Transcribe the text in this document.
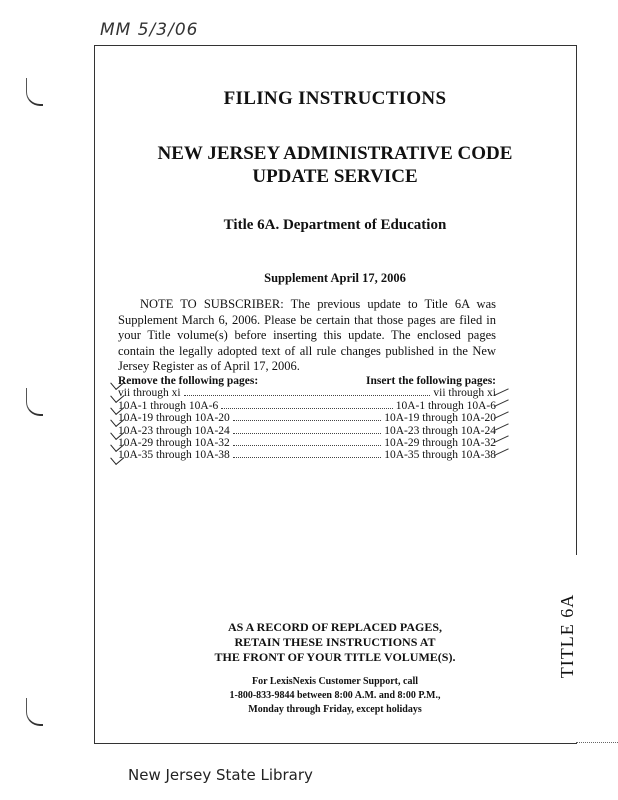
MM 5/3/06
FILING INSTRUCTIONS
NEW JERSEY ADMINISTRATIVE CODE
UPDATE SERVICE
Title 6A. Department of Education
Supplement April 17, 2006
NOTE TO SUBSCRIBER: The previous update to Title 6A was Supplement March 6, 2006. Please be certain that those pages are filed in your Title volume(s) before inserting this update. The enclosed pages contain the legally adopted text of all rule changes published in the New Jersey Register as of April 17, 2006.
Remove the following pages:	Insert the following pages:
vii through xi	vii through xi
10A-1 through 10A-6	10A-1 through 10A-6
10A-19 through 10A-20	10A-19 through 10A-20
10A-23 through 10A-24	10A-23 through 10A-24
10A-29 through 10A-32	10A-29 through 10A-32
10A-35 through 10A-38	10A-35 through 10A-38
AS A RECORD OF REPLACED PAGES,
RETAIN THESE INSTRUCTIONS AT
THE FRONT OF YOUR TITLE VOLUME(S).
For LexisNexis Customer Support, call
1-800-833-9844 between 8:00 A.M. and 8:00 P.M.,
Monday through Friday, except holidays
TITLE 6A
New Jersey State Library
